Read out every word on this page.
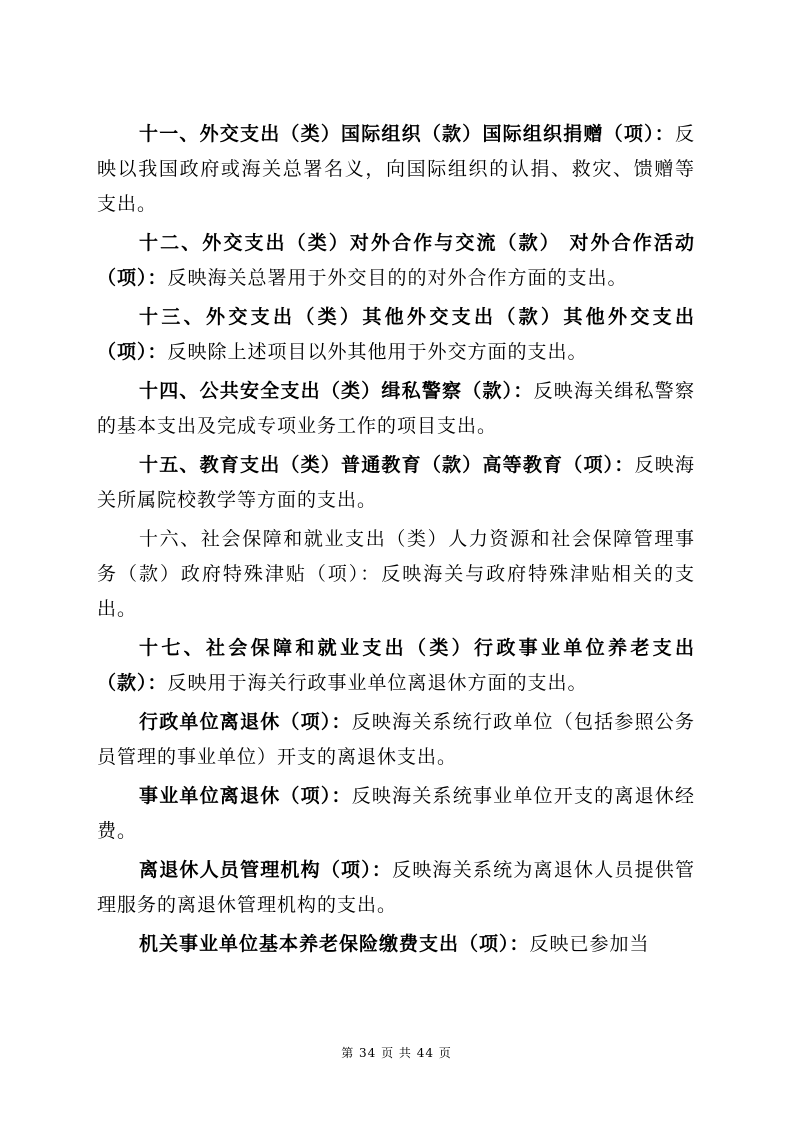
十一、外交支出（类）国际组织（款）国际组织捐赠（项）：反映以我国政府或海关总署名义，向国际组织的认捐、救灾、馈赠等支出。

十二、外交支出（类）对外合作与交流（款） 对外合作活动（项）：反映海关总署用于外交目的的对外合作方面的支出。

十三、外交支出（类）其他外交支出（款）其他外交支出（项）：反映除上述项目以外其他用于外交方面的支出。

十四、公共安全支出（类）缉私警察（款）：反映海关缉私警察的基本支出及完成专项业务工作的项目支出。

十五、教育支出（类）普通教育（款）高等教育（项）：反映海关所属院校教学等方面的支出。

十六、社会保障和就业支出（类）人力资源和社会保障管理事务（款）政府特殊津贴（项）：反映海关与政府特殊津贴相关的支出。

十七、社会保障和就业支出（类）行政事业单位养老支出（款）：反映用于海关行政事业单位离退休方面的支出。

行政单位离退休（项）：反映海关系统行政单位（包括参照公务员管理的事业单位）开支的离退休支出。

事业单位离退休（项）：反映海关系统事业单位开支的离退休经费。

离退休人员管理机构（项）：反映海关系统为离退休人员提供管理服务的离退休管理机构的支出。

机关事业单位基本养老保险缴费支出（项）：反映已参加当

第 34 页 共 44 页
